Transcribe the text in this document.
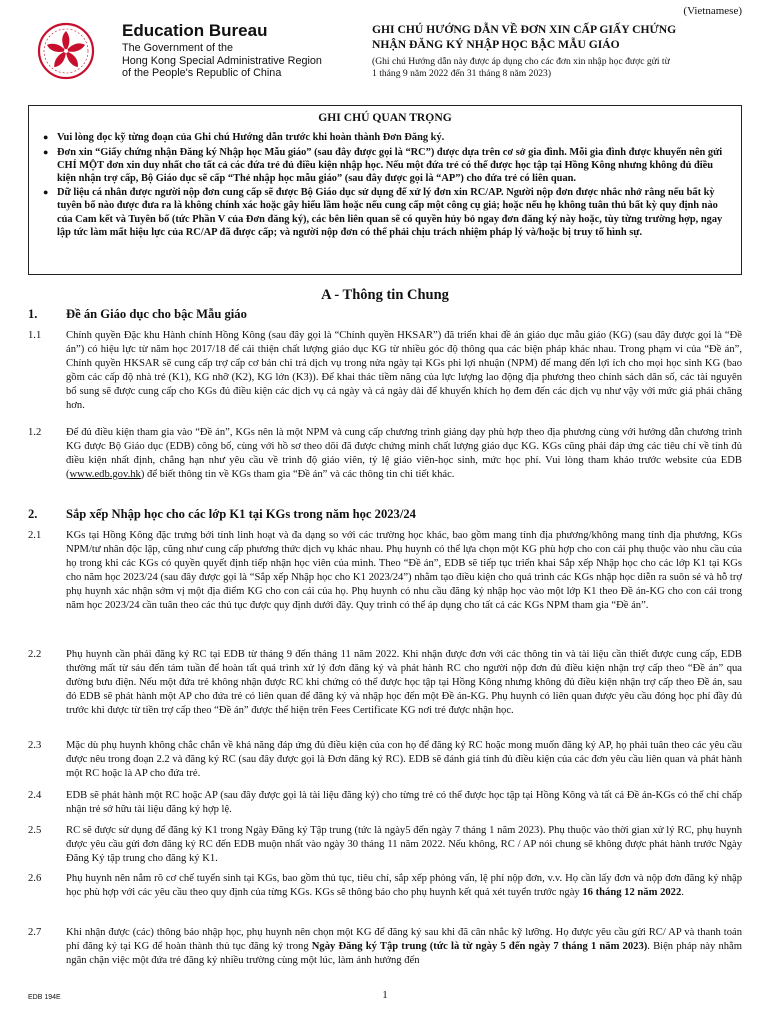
(Vietnamese)
Education Bureau
The Government of the
Hong Kong Special Administrative Region
of the People's Republic of China
GHI CHÚ HƯỚNG DẪN VỀ ĐƠN XIN CẤP GIẤY CHỨNG
NHẬN ĐĂNG KÝ NHẬP HỌC BẬC MẪU GIÁO
(Ghi chú Hướng dẫn này được áp dụng cho các đơn xin nhập học được gửi từ
1 tháng 9 năm 2022 đến 31 tháng 8 năm 2023)
GHI CHÚ QUAN TRỌNG
● Vui lòng đọc kỹ từng đoạn của Ghi chú Hướng dẫn trước khi hoàn thành Đơn Đăng ký.
● Đơn xin “Giấy chứng nhận Đăng ký Nhập học Mẫu giáo” (sau đây được gọi là “RC”) được dựa trên cơ sở gia đình. Mỗi gia đình được khuyến nên gửi CHỈ MỘT đơn xin duy nhất cho tất cả các đứa trẻ đủ điều kiện nhập học. Nếu một đứa trẻ có thể được học tập tại Hồng Kông nhưng không đủ điều kiện nhận trợ cấp, Bộ Giáo dục sẽ cấp “Thẻ nhập học mẫu giáo” (sau đây được gọi là “AP”) cho đứa trẻ có liên quan.
● Dữ liệu cá nhân được người nộp đơn cung cấp sẽ được Bộ Giáo dục sử dụng để xử lý đơn xin RC/AP. Người nộp đơn được nhắc nhở rằng nếu bất kỳ tuyên bố nào được đưa ra là không chính xác hoặc gây hiểu lầm hoặc nếu cung cấp một công cụ giả; hoặc nếu họ không tuân thủ bất kỳ quy định nào của Cam kết và Tuyên bố (tức Phần V của Đơn đăng ký), các bên liên quan sẽ có quyền hủy bỏ ngay đơn đăng ký này hoặc, tùy từng trường hợp, ngay lập tức làm mất hiệu lực của RC/AP đã được cấp; và người nộp đơn có thể phải chịu trách nhiệm pháp lý và/hoặc bị truy tố hình sự.
A - Thông tin Chung
1. Đề án Giáo dục cho bậc Mẫu giáo
1.1 Chính quyền Đặc khu Hành chính Hồng Kông (sau đây gọi là “Chính quyền HKSAR”) đã triển khai đề án giáo dục mẫu giáo (KG) (sau đây được gọi là “Đề án”) có hiệu lực từ năm học 2017/18 để cải thiện chất lượng giáo dục KG từ nhiều góc độ thông qua các biện pháp khác nhau. Trong phạm vi của “Đề án”, Chính quyền HKSAR sẽ cung cấp trợ cấp cơ bản chi trả dịch vụ trong nửa ngày tại KGs phi lợi nhuận (NPM) để mang đến lợi ích cho mọi học sinh KG (bao gồm các cấp độ nhà trẻ (K1), KG nhỡ (K2), KG lớn (K3)). Để khai thác tiềm năng của lực lượng lao động địa phương theo chính sách dân số, các tài nguyên bổ sung sẽ được cung cấp cho KGs đủ điều kiện các dịch vụ cả ngày và cả ngày dài để khuyến khích họ đem đến các dịch vụ như vậy với mức giá phải chăng hơn.
1.2 Để đủ điều kiện tham gia vào “Đề án”, KGs nên là một NPM và cung cấp chương trình giảng dạy phù hợp theo địa phương cùng với hướng dẫn chương trình KG được Bộ Giáo dục (EDB) công bố, cùng với hồ sơ theo dõi đã được chứng minh chất lượng giáo dục KG. KGs cũng phải đáp ứng các tiêu chí về tính đủ điều kiện nhất định, chẳng hạn như yêu cầu về trình độ giáo viên, tỷ lệ giáo viên-học sinh, mức học phí. Vui lòng tham khảo trước website của EDB (www.edb.gov.hk) để biết thông tin về KGs tham gia “Đề án” và các thông tin chi tiết khác.
2. Sắp xếp Nhập học cho các lớp K1 tại KGs trong năm học 2023/24
2.1 KGs tại Hồng Kông đặc trưng bởi tính linh hoạt và đa dạng so với các trường học khác, bao gồm mang tính địa phương/không mang tính địa phương, KGs NPM/tư nhân độc lập, cũng như cung cấp phương thức dịch vụ khác nhau. Phụ huynh có thể lựa chọn một KG phù hợp cho con cái phụ thuộc vào nhu cầu của họ trong khi các KGs có quyền quyết định tiếp nhận học viên của mình. Theo “Đề án”, EDB sẽ tiếp tục triển khai Sắp xếp Nhập học cho các lớp K1 tại KGs cho năm học 2023/24 (sau đây được gọi là “Sắp xếp Nhập học cho K1 2023/24”) nhằm tạo điều kiện cho quá trình các KGs nhập học diễn ra suôn sẻ và hỗ trợ phụ huynh xác nhận sớm vị một địa điểm KG cho con cái của họ. Phụ huynh có nhu cầu đăng ký nhập học vào một lớp K1 theo Đề án-KG cho con cái trong năm học 2023/24 cần tuân theo các thủ tục được quy định dưới đây. Quy trình có thể áp dụng cho tất cả các KGs NPM tham gia “Đề án”.
2.2 Phụ huynh cần phải đăng ký RC tại EDB từ tháng 9 đến tháng 11 năm 2022. Khi nhận được đơn với các thông tin và tài liệu cần thiết được cung cấp, EDB thường mất từ sáu đến tám tuần để hoàn tất quá trình xử lý đơn đăng ký và phát hành RC cho người nộp đơn đủ điều kiện nhận trợ cấp theo “Đề án” qua đường bưu điện. Nếu một đứa trẻ không nhận được RC khi chứng có thể được học tập tại Hồng Kông nhưng không đủ điều kiện nhận trợ cấp theo Đề án, sau đó EDB sẽ phát hành một AP cho đứa trẻ có liên quan để đăng ký và nhập học đến một Đề án-KG. Phụ huynh có liên quan được yêu cầu đóng học phí đầy đủ trước khi được từ tiền trợ cấp theo “Đề án” được thể hiện trên Fees Certificate KG nơi trẻ được nhận học.
2.3 Mặc dù phụ huynh không chắc chắn về khả năng đáp ứng đủ điều kiện của con họ để đăng ký RC hoặc mong muốn đăng ký AP, họ phải tuân theo các yêu cầu được nêu trong đoạn 2.2 và đăng ký RC (sau đây được gọi là Đơn đăng ký RC). EDB sẽ đánh giá tính đủ điều kiện của các đơn yêu cầu liên quan và phát hành một RC hoặc là AP cho đứa trẻ.
2.4 EDB sẽ phát hành một RC hoặc AP (sau đây được gọi là tài liệu đăng ký) cho từng trẻ có thể được học tập tại Hồng Kông và tất cả Đề án-KGs có thể chỉ chấp nhận trẻ sở hữu tài liệu đăng ký hợp lệ.
2.5 RC sẽ được sử dụng để đăng ký K1 trong Ngày Đăng ký Tập trung (tức là ngày5 đến ngày 7 tháng 1 năm 2023). Phụ thuộc vào thời gian xử lý RC, phụ huynh được yêu cầu gửi đơn đăng ký RC đến EDB muộn nhất vào ngày 30 tháng 11 năm 2022. Nếu không, RC / AP nói chung sẽ không được phát hành trước Ngày Đăng Ký tập trung cho đăng ký K1.
2.6 Phụ huynh nên nắm rõ cơ chế tuyển sinh tại KGs, bao gồm thủ tục, tiêu chí, sắp xếp phỏng vấn, lệ phí nộp đơn, v.v. Họ cần lấy đơn và nộp đơn đăng ký nhập học phù hợp với các yêu cầu theo quy định của từng KGs. KGs sẽ thông báo cho phụ huynh kết quả xét tuyển trước ngày 16 tháng 12 năm 2022.
2.7 Khi nhận được (các) thông báo nhập học, phụ huynh nên chọn một KG để đăng ký sau khi đã cân nhắc kỹ lưỡng. Họ được yêu cầu gửi RC/ AP và thanh toán phí đăng ký tại KG để hoàn thành thủ tục đăng ký trong Ngày Đăng ký Tập trung (tức là từ ngày 5 đến ngày 7 tháng 1 năm 2023). Biện pháp này nhằm ngăn chặn việc một đứa trẻ đăng ký nhiều trường cùng một lúc, làm ảnh hưởng đến
EDB 194E	1
